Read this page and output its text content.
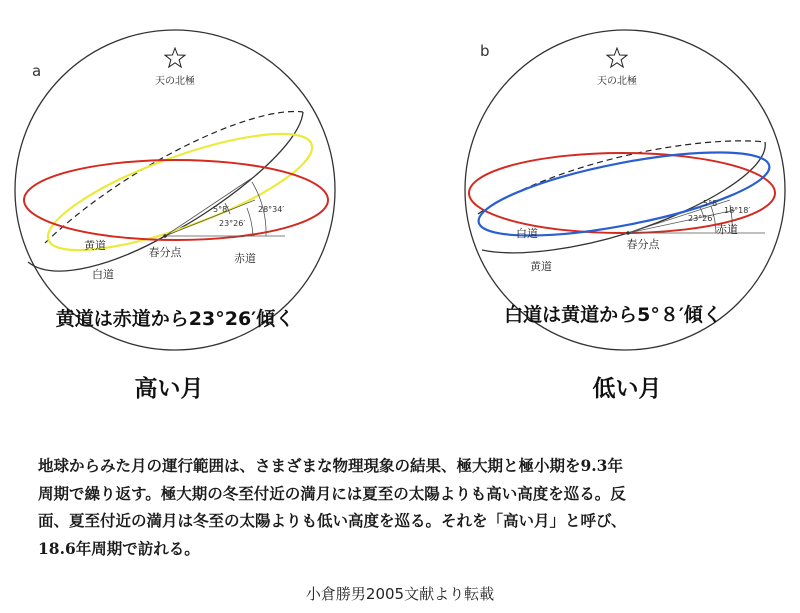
a
天の北極
5°8′
23°26′
28°34′
春分点
黄道
白道
赤道
黄道は赤道から23°26′傾く
高い月
b
天の北極
5°8′
23°26′
18°18′
春分点
白道
黄道
赤道
白道は黄道から5°８′傾く
低い月
地球からみた月の運行範囲は、さまざまな物理現象の結果、極大期と極小期を9.3年
周期で繰り返す。極大期の冬至付近の満月には夏至の太陽よりも高い高度を巡る。反
面、夏至付近の満月は冬至の太陽よりも低い高度を巡る。それを「高い月」と呼び、
18.6年周期で訪れる。
小倉勝男2005文献より転載
